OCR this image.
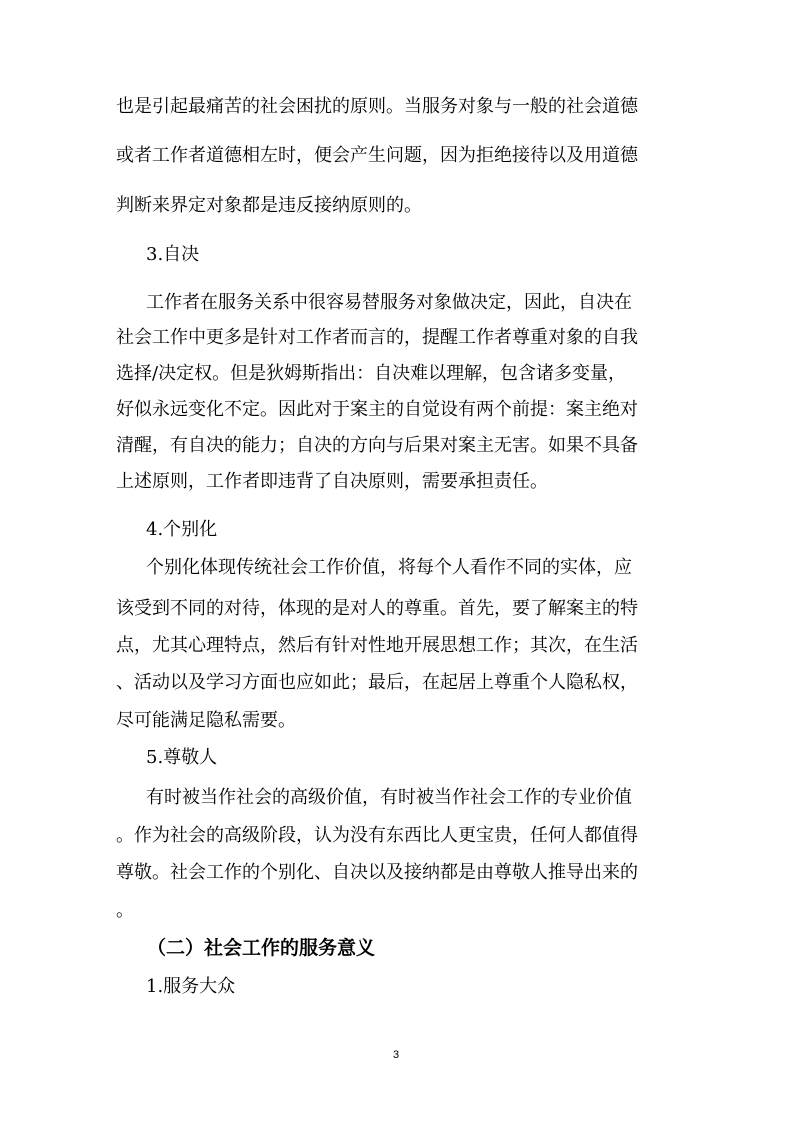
也是引起最痛苦的社会困扰的原则。当服务对象与一般的社会道德
或者工作者道德相左时，便会产生问题，因为拒绝接待以及用道德
判断来界定对象都是违反接纳原则的。
3.自决
工作者在服务关系中很容易替服务对象做决定，因此，自决在
社会工作中更多是针对工作者而言的，提醒工作者尊重对象的自我
选择/决定权。但是狄姆斯指出：自决难以理解，包含诸多变量，
好似永远变化不定。因此对于案主的自觉设有两个前提：案主绝对
清醒，有自决的能力；自决的方向与后果对案主无害。如果不具备
上述原则，工作者即违背了自决原则，需要承担责任。
4.个别化
个别化体现传统社会工作价值，将每个人看作不同的实体，应
该受到不同的对待，体现的是对人的尊重。首先，要了解案主的特
点，尤其心理特点，然后有针对性地开展思想工作；其次，在生活
、活动以及学习方面也应如此；最后，在起居上尊重个人隐私权，
尽可能满足隐私需要。
5.尊敬人
有时被当作社会的高级价值，有时被当作社会工作的专业价值
。作为社会的高级阶段，认为没有东西比人更宝贵，任何人都值得
尊敬。社会工作的个别化、自决以及接纳都是由尊敬人推导出来的
。
（二）社会工作的服务意义
1.服务大众
3
